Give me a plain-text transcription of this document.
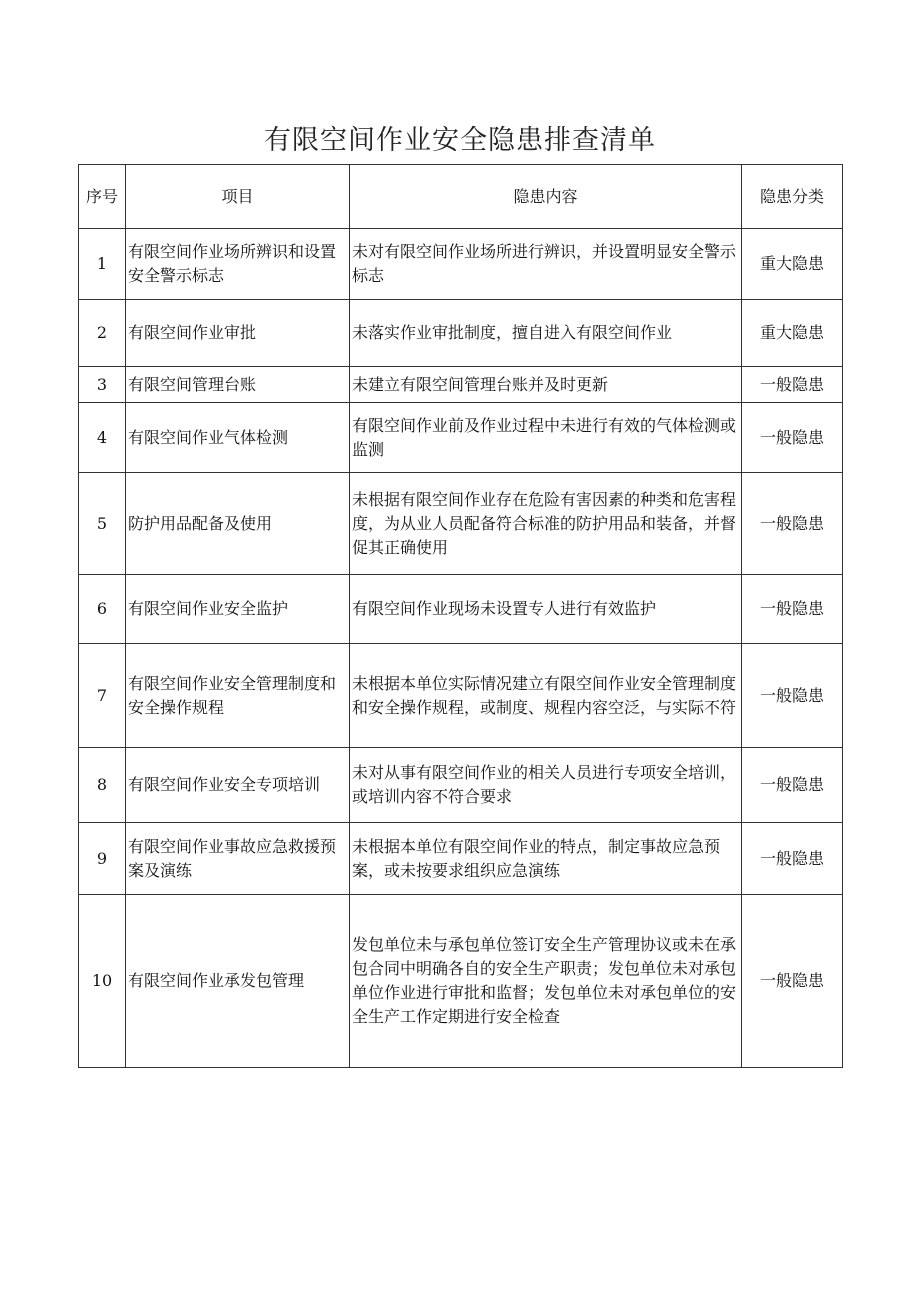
有限空间作业安全隐患排查清单
序号	项目	隐患内容	隐患分类
1	有限空间作业场所辨识和设置安全警示标志	未对有限空间作业场所进行辨识，并设置明显安全警示标志	重大隐患
2	有限空间作业审批	未落实作业审批制度，擅自进入有限空间作业	重大隐患
3	有限空间管理台账	未建立有限空间管理台账并及时更新	一般隐患
4	有限空间作业气体检测	有限空间作业前及作业过程中未进行有效的气体检测或监测	一般隐患
5	防护用品配备及使用	未根据有限空间作业存在危险有害因素的种类和危害程度，为从业人员配备符合标准的防护用品和装备，并督促其正确使用	一般隐患
6	有限空间作业安全监护	有限空间作业现场未设置专人进行有效监护	一般隐患
7	有限空间作业安全管理制度和安全操作规程	未根据本单位实际情况建立有限空间作业安全管理制度和安全操作规程，或制度、规程内容空泛，与实际不符	一般隐患
8	有限空间作业安全专项培训	未对从事有限空间作业的相关人员进行专项安全培训，或培训内容不符合要求	一般隐患
9	有限空间作业事故应急救援预案及演练	未根据本单位有限空间作业的特点，制定事故应急预案，或未按要求组织应急演练	一般隐患
10	有限空间作业承发包管理	发包单位未与承包单位签订安全生产管理协议或未在承包合同中明确各自的安全生产职责；发包单位未对承包单位作业进行审批和监督；发包单位未对承包单位的安全生产工作定期进行安全检查	一般隐患
